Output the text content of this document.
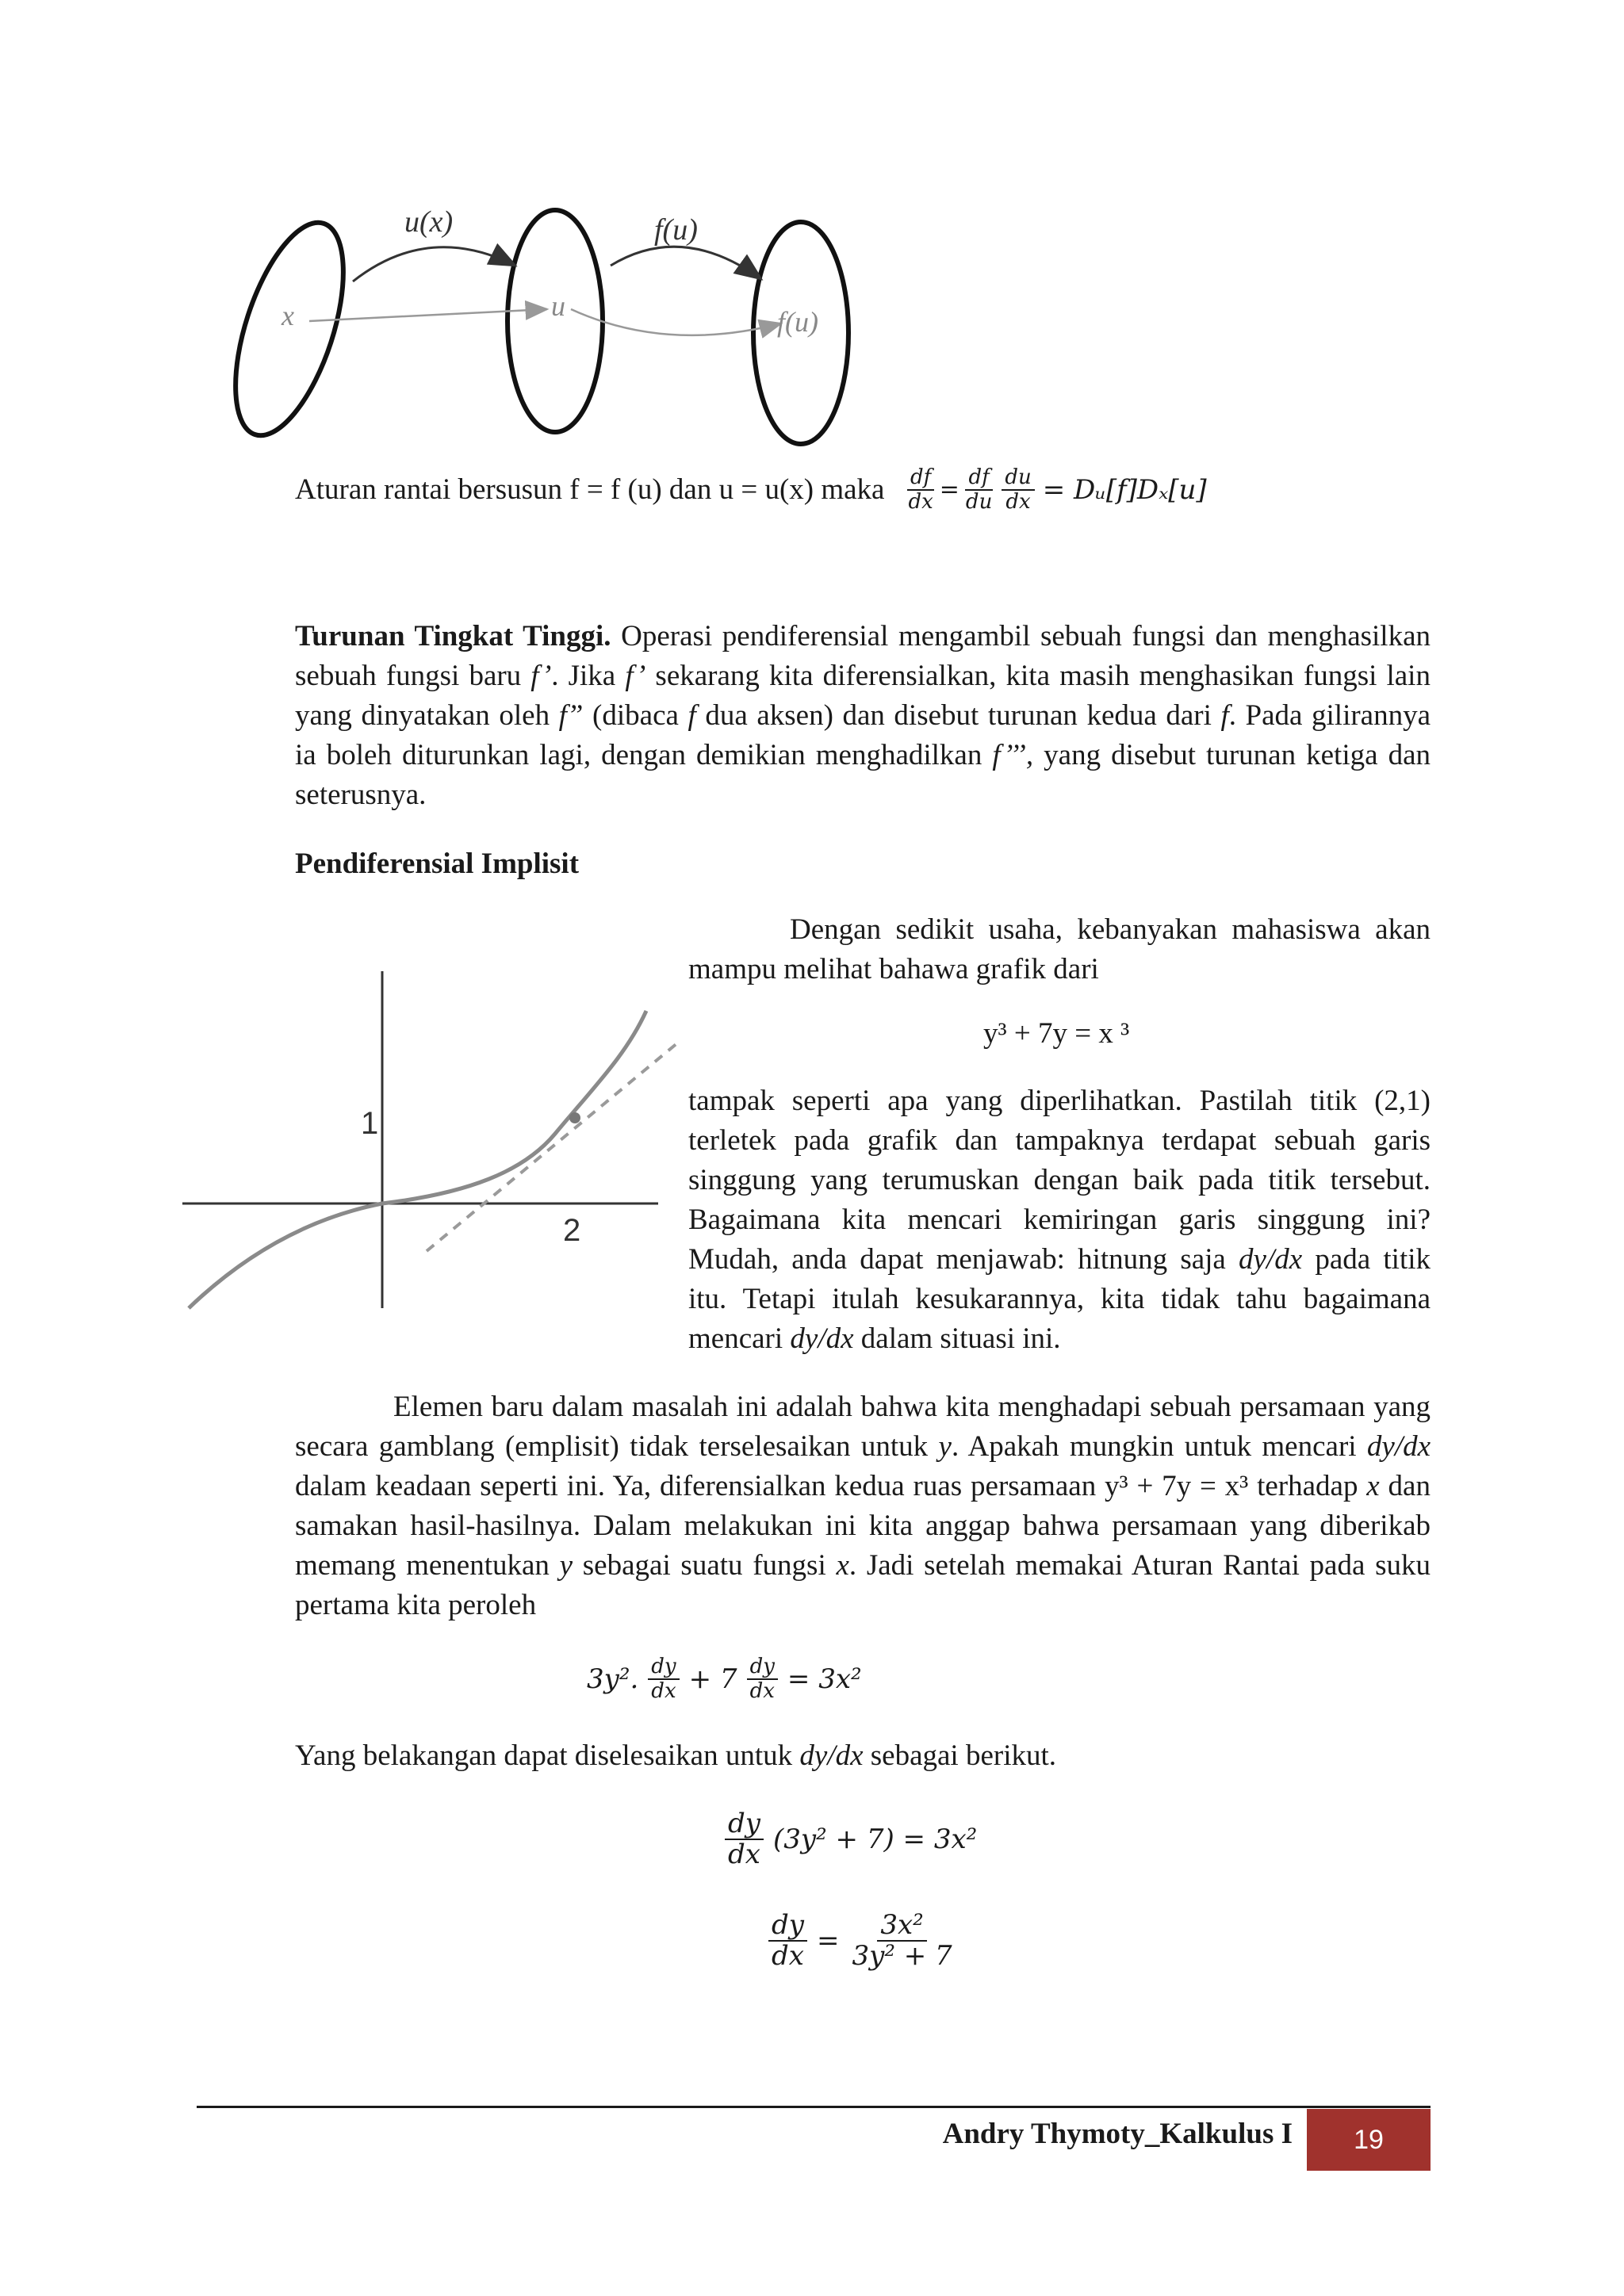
u(x)	f(u)
x	u	f(u)
Aturan rantai bersusun f = f (u) dan u = u(x) maka $\frac{df}{dx} = \frac{df}{du} \frac{du}{dx}$ = Dᵤ[f]Dₓ[u]
Turunan Tingkat Tinggi. Operasi pendiferensial mengambil sebuah fungsi dan menghasilkan sebuah fungsi baru f’. Jika f’ sekarang kita diferensialkan, kita masih menghasikan fungsi lain yang dinyatakan oleh f” (dibaca f dua aksen) dan disebut turunan kedua dari f. Pada gilirannya ia boleh diturunkan lagi, dengan demikian menghadilkan f’’’, yang disebut turunan ketiga dan seterusnya.
Pendiferensial Implisit
1
2
Dengan sedikit usaha, kebanyakan mahasiswa akan mampu melihat bahawa grafik dari
y³ + 7y = x ³
tampak seperti apa yang diperlihatkan. Pastilah titik (2,1) terletek pada grafik dan tampaknya terdapat sebuah garis singgung yang terumuskan dengan baik pada titik tersebut. Bagaimana kita mencari kemiringan garis singgung ini? Mudah, anda dapat menjawab: hitnung saja dy/dx pada titik itu. Tetapi itulah kesukarannya, kita tidak tahu bagaimana mencari dy/dx dalam situasi ini.
Elemen baru dalam masalah ini adalah bahwa kita menghadapi sebuah persamaan yang secara gamblang (emplisit) tidak terselesaikan untuk y. Apakah mungkin untuk mencari dy/dx dalam keadaan seperti ini. Ya, diferensialkan kedua ruas persamaan y³ + 7y = x³ terhadap x dan samakan hasil-hasilnya. Dalam melakukan ini kita anggap bahwa persamaan yang diberikab memang menentukan y sebagai suatu fungsi x. Jadi setelah memakai Aturan Rantai pada suku pertama kita peroleh
3y². $\frac{dy}{dx} + 7 \frac{dy}{dx} = 3x^2$
Yang belakangan dapat diselesaikan untuk dy/dx sebagai berikut.
$\frac{dy}{dx} (3y^2 + 7) = 3x^2$
$\frac{dy}{dx} = \frac{\text{3x²}}{\text{3y² + 7}}$
Andry Thymoty_Kalkulus I 19
